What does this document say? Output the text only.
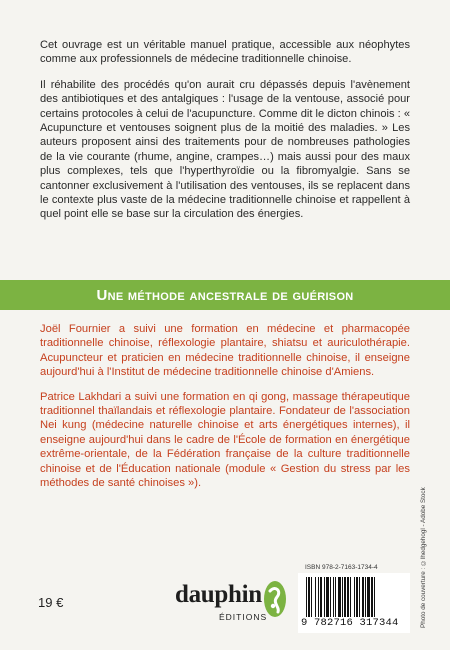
Cet ouvrage est un véritable manuel pratique, accessible aux néophytes comme aux professionnels de médecine traditionnelle chinoise.

Il réhabilite des procédés qu'on aurait cru dépassés depuis l'avènement des antibiotiques et des antalgiques : l'usage de la ventouse, associé pour certains protocoles à celui de l'acupuncture. Comme dit le dicton chinois : « Acupuncture et ventouses soignent plus de la moitié des maladies. » Les auteurs proposent ainsi des traitements pour de nombreuses pathologies de la vie courante (rhume, angine, crampes…) mais aussi pour des maux plus complexes, tels que l'hyperthyroïdie ou la fibromyalgie. Sans se cantonner exclusivement à l'utilisation des ventouses, ils se replacent dans le contexte plus vaste de la médecine traditionnelle chinoise et rappellent à quel point elle se base sur la circulation des énergies.

Une méthode ancestrale de guérison

Joël Fournier a suivi une formation en médecine et pharmacopée traditionnelle chinoise, réflexologie plantaire, shiatsu et auriculothérapie. Acupuncteur et praticien en médecine traditionnelle chinoise, il enseigne aujourd'hui à l'Institut de médecine traditionnelle chinoise d'Amiens.

Patrice Lakhdari a suivi une formation en qi gong, massage thérapeutique traditionnel thaïlandais et réflexologie plantaire. Fondateur de l'association Nei kung (médecine naturelle chinoise et arts énergétiques internes), il enseigne aujourd'hui dans le cadre de l'École de formation en énergétique extrême-orientale, de la Fédération française de la culture traditionnelle chinoise et de l'Éducation nationale (module « Gestion du stress par les méthodes de santé chinoises »).

Photo de couverture : ©lhedgehogl - Adobe Stock
19 €	dauphin
ÉDITIONS
ISBN 978-2-7163-1734-4
9 782716 317344
